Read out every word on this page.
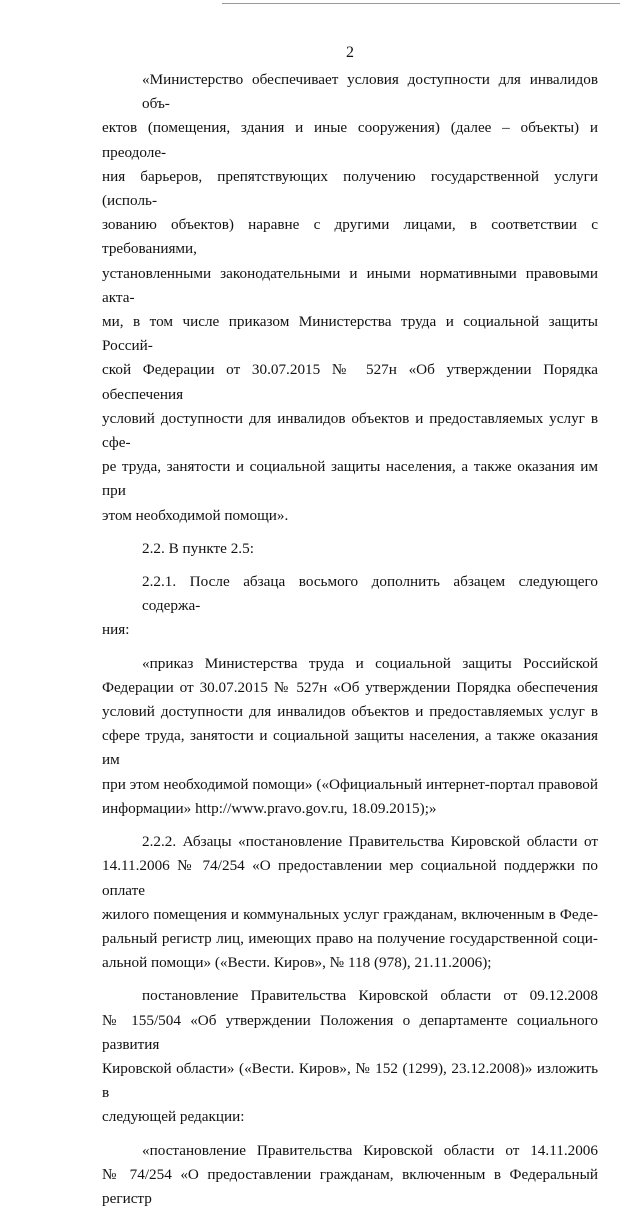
2

«Министерство обеспечивает условия доступности для инвалидов объ-
ектов (помещения, здания и иные сооружения) (далее – объекты) и преодоле-
ния барьеров, препятствующих получению государственной услуги (исполь-
зованию объектов) наравне с другими лицами, в соответствии с требованиями,
установленными законодательными и иными нормативными правовыми акта-
ми, в том числе приказом Министерства труда и социальной защиты Россий-
ской Федерации от 30.07.2015 № 527н «Об утверждении Порядка обеспечения
условий доступности для инвалидов объектов и предоставляемых услуг в сфе-
ре труда, занятости и социальной защиты населения, а также оказания им при
этом необходимой помощи».

2.2. В пункте 2.5:

2.2.1. После абзаца восьмого дополнить абзацем следующего содержа-
ния:

«приказ Министерства труда и социальной защиты Российской
Федерации от 30.07.2015 № 527н «Об утверждении Порядка обеспечения
условий доступности для инвалидов объектов и предоставляемых услуг в
сфере труда, занятости и социальной защиты населения, а также оказания им
при этом необходимой помощи» («Официальный интернет-портал правовой
информации» http://www.pravo.gov.ru, 18.09.2015);»

2.2.2. Абзацы «постановление Правительства Кировской области от
14.11.2006 № 74/254 «О предоставлении мер социальной поддержки по оплате
жилого помещения и коммунальных услуг гражданам, включенным в Феде-
ральный регистр лиц, имеющих право на получение государственной соци-
альной помощи» («Вести. Киров», № 118 (978), 21.11.2006);

постановление Правительства Кировской области от 09.12.2008
№ 155/504 «Об утверждении Положения о департаменте социального развития
Кировской области» («Вести. Киров», № 152 (1299), 23.12.2008)» изложить в
следующей редакции:

«постановление Правительства Кировской области от 14.11.2006
№ 74/254 «О предоставлении гражданам, включенным в Федеральный регистр
